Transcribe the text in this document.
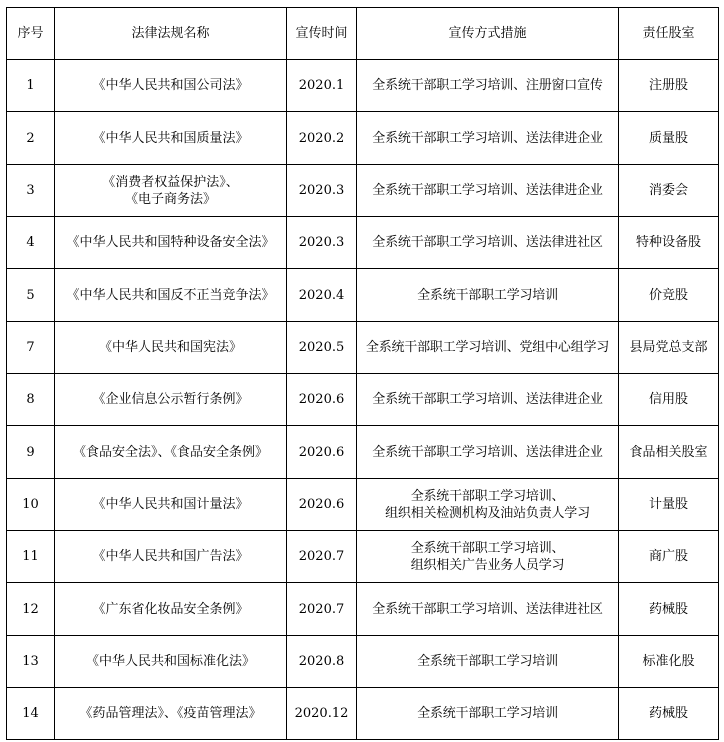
序号	法律法规名称	宣传时间	宣传方式措施	责任股室
1	《中华人民共和国公司法》	2020.1	全系统干部职工学习培训、注册窗口宣传	注册股
2	《中华人民共和国质量法》	2020.2	全系统干部职工学习培训、送法律进企业	质量股
3	《消费者权益保护法》、
《电子商务法》	2020.3	全系统干部职工学习培训、送法律进企业	消委会
4	《中华人民共和国特种设备安全法》	2020.3	全系统干部职工学习培训、送法律进社区	特种设备股
5	《中华人民共和国反不正当竞争法》	2020.4	全系统干部职工学习培训	价竞股
7	《中华人民共和国宪法》	2020.5	全系统干部职工学习培训、党组中心组学习	县局党总支部
8	《企业信息公示暂行条例》	2020.6	全系统干部职工学习培训、送法律进企业	信用股
9	《食品安全法》、《食品安全条例》	2020.6	全系统干部职工学习培训、送法律进企业	食品相关股室
10	《中华人民共和国计量法》	2020.6	全系统干部职工学习培训、
组织相关检测机构及油站负责人学习	计量股
11	《中华人民共和国广告法》	2020.7	全系统干部职工学习培训、
组织相关广告业务人员学习	商广股
12	《广东省化妆品安全条例》	2020.7	全系统干部职工学习培训、送法律进社区	药械股
13	《中华人民共和国标准化法》	2020.8	全系统干部职工学习培训	标准化股
14	《药品管理法》、《疫苗管理法》	2020.12	全系统干部职工学习培训	药械股
